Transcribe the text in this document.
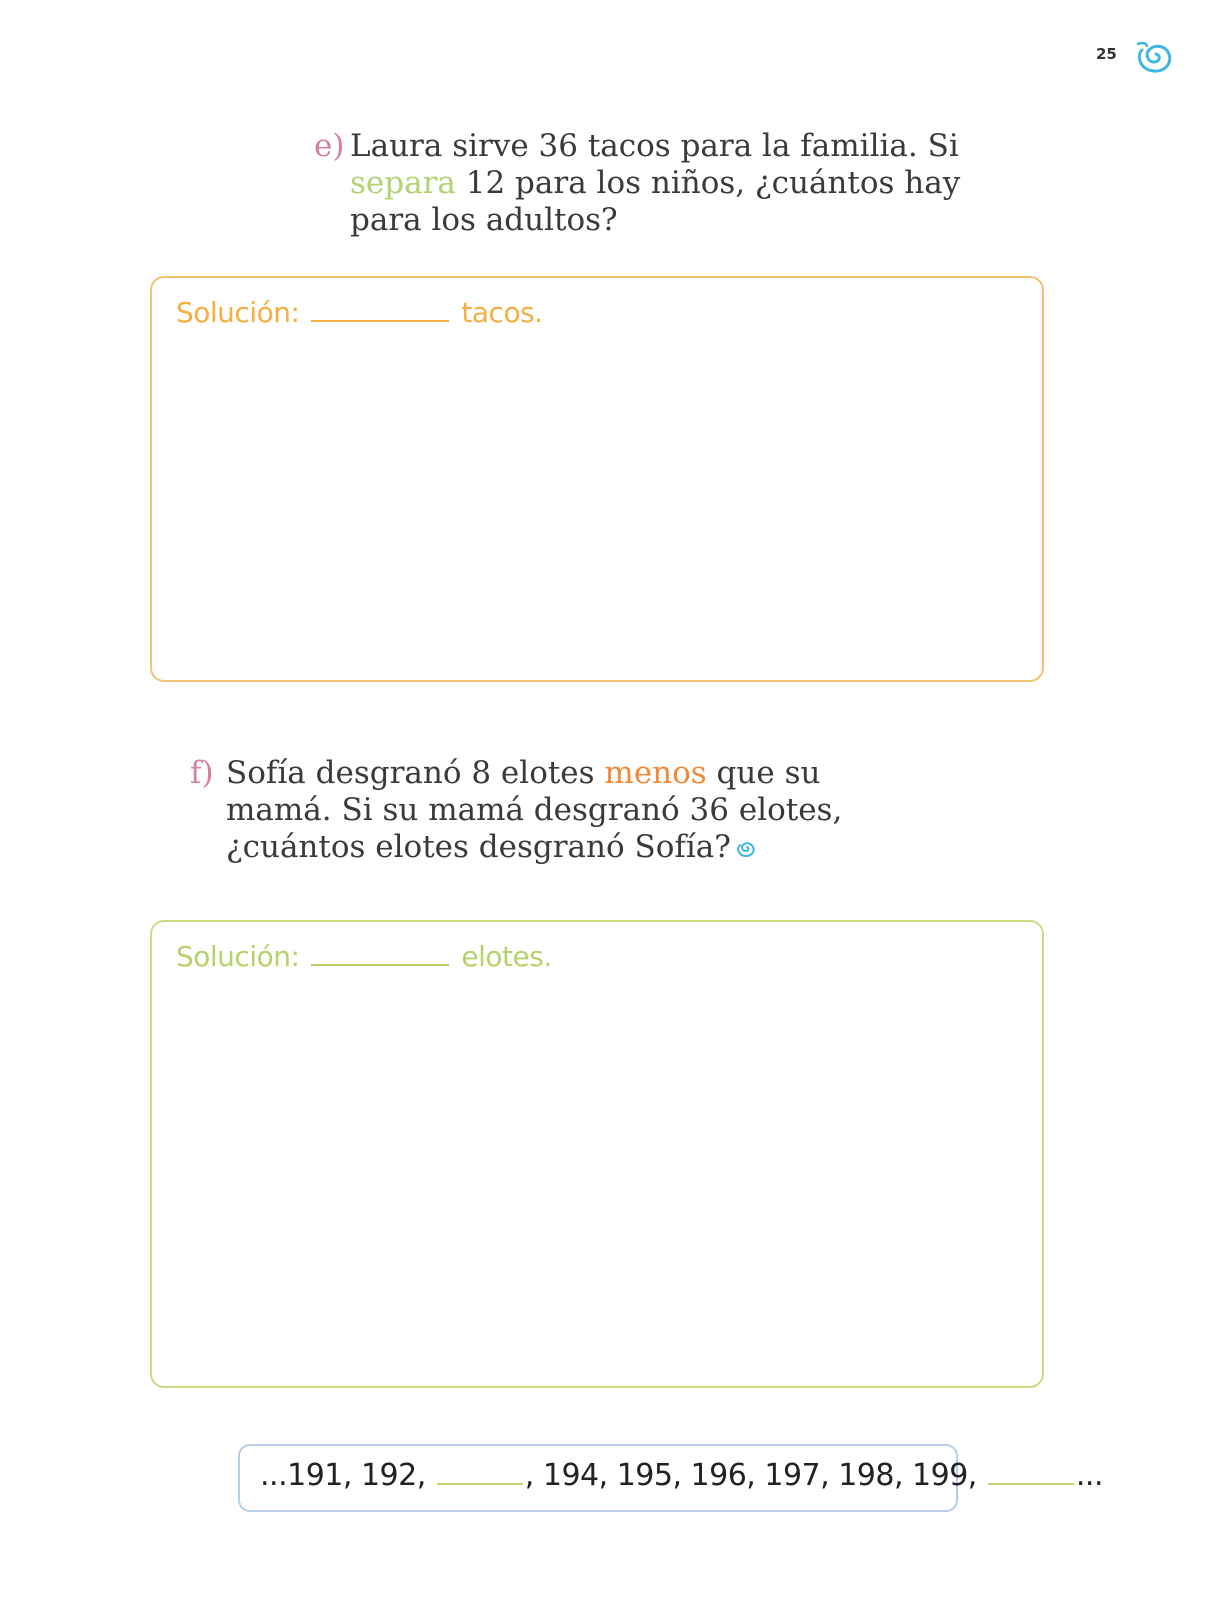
25
e) Laura sirve 36 tacos para la familia. Si separa 12 para los niños, ¿cuántos hay para los adultos?
Solución:	tacos.
f) Sofía desgranó 8 elotes menos que su mamá. Si su mamá desgranó 36 elotes, ¿cuántos elotes desgranó Sofía?
Solución:	elotes.
...191, 192,	, 194, 195, 196, 197, 198, 199,	...
